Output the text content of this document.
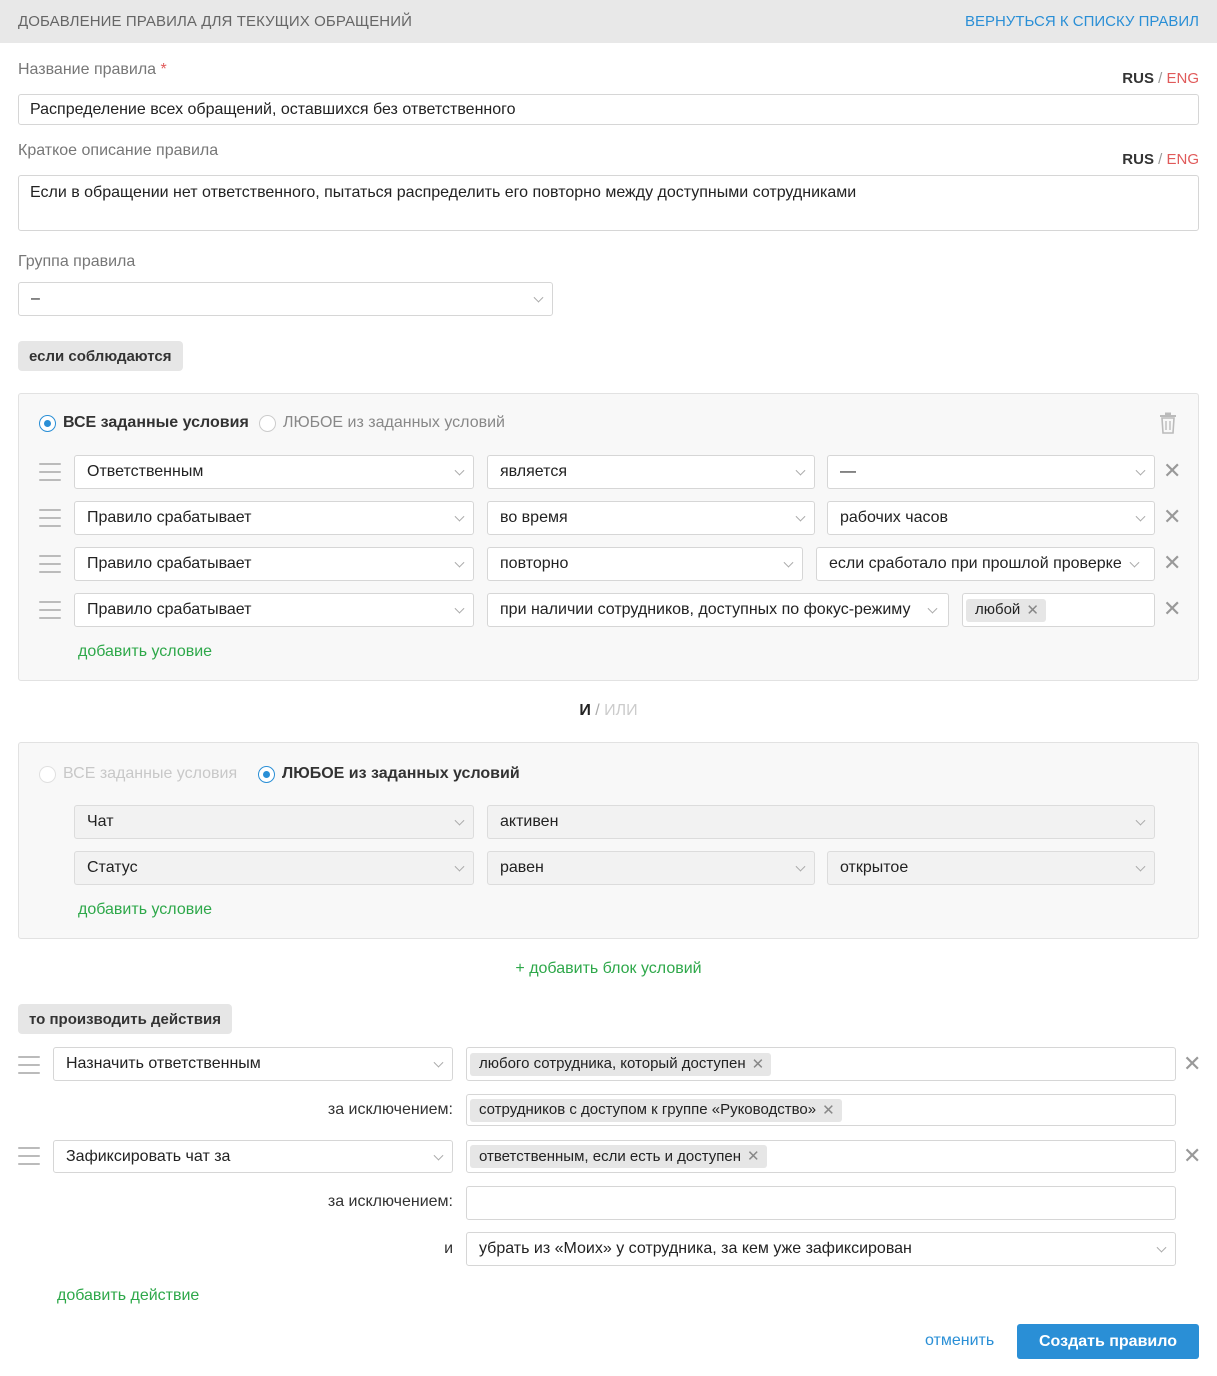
ДОБАВЛЕНИЕ ПРАВИЛА ДЛЯ ТЕКУЩИХ ОБРАЩЕНИЙ	ВЕРНУТЬСЯ К СПИСКУ ПРАВИЛ
Название правила *
RUS / ENG
Распределение всех обращений, оставшихся без ответственного
Краткое описание правила
RUS / ENG
Если в обращении нет ответственного, пытаться распределить его повторно между доступными сотрудниками
Группа правила
–
если соблюдаются
ВСЕ заданные условия ЛЮБОЕ из заданных условий
Ответственным	является	—	✕
Правило срабатывает	во время	рабочих часов	✕
Правило срабатывает	повторно	если сработало при прошлой проверке ✕
Правило срабатывает	при наличии сотрудников, доступных по фокус-режиму	любой ✕	✕
добавить условие
И / ИЛИ
ВСЕ заданные условия	ЛЮБОЕ из заданных условий
Чат	активен
Статус	равен	открытое
добавить условие
+ добавить блок условий
то производить действия
Назначить ответственным	любого сотрудника, который доступен ✕	✕
за исключением: сотрудников с доступом к группе «Руководство» ✕
Зафиксировать чат за	ответственным, если есть и доступен ✕	✕
за исключением:
и убрать из «Моих» у сотрудника, за кем уже зафиксирован
добавить действие
отменить	Создать правило
